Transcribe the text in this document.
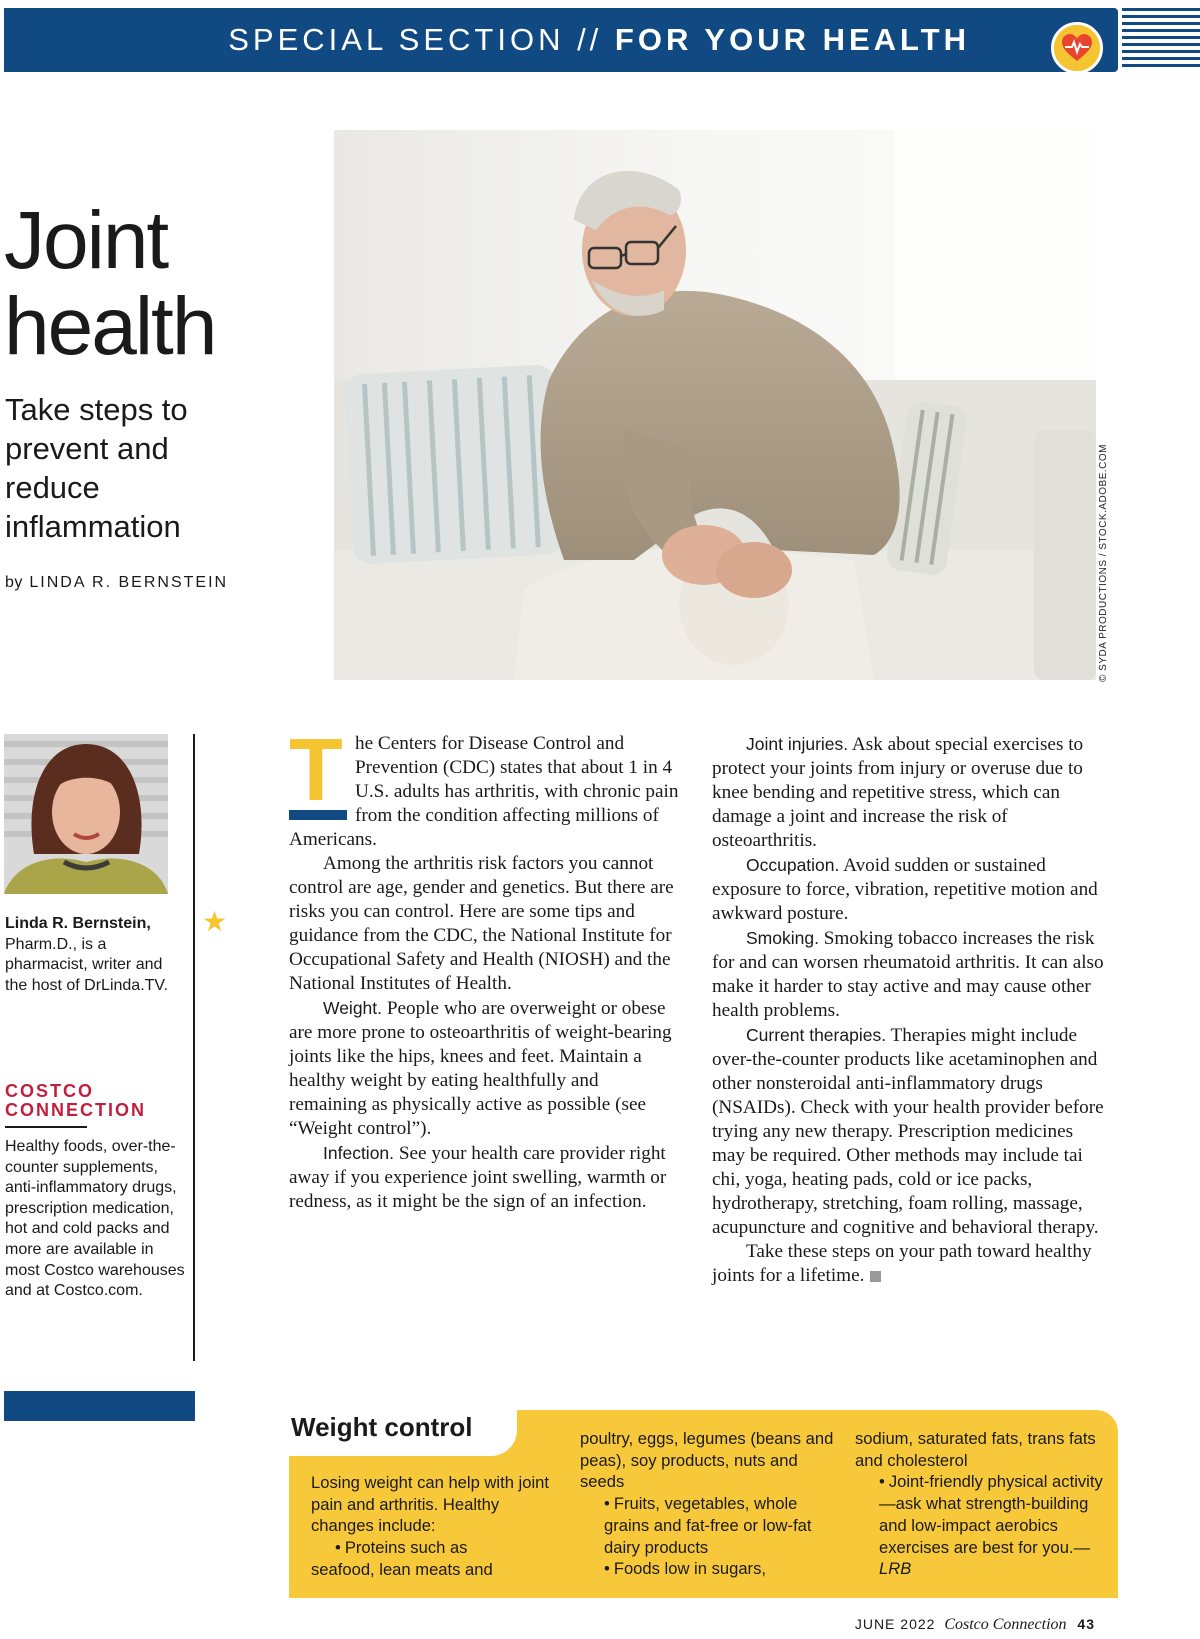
SPECIAL SECTION // FOR YOUR HEALTH
Joint
health
Take steps to prevent and reduce inflammation
by LINDA R. BERNSTEIN	© SYDA PRODUCTIONS / STOCK.ADOBE.COM
★
Linda R. Bernstein,
Pharm.D., is a pharmacist, writer and the host of DrLinda.TV.
COSTCO
CONNECTION
Healthy foods, over-the-counter supplements, anti-inflammatory drugs, prescription medication, hot and cold packs and more are available in most Costco warehouses and at Costco.com.
T he Centers for Disease Control and Prevention (CDC) states that about 1 in 4 U.S. adults has arthritis, with chronic pain from the condition affecting millions of Americans.

Among the arthritis risk factors you cannot control are age, gender and genetics. But there are risks you can control. Here are some tips and guidance from the CDC, the National Institute for Occupational Safety and Health (NIOSH) and the National Institutes of Health.

Weight. People who are overweight or obese are more prone to osteoarthritis of weight-bearing joints like the hips, knees and feet. Maintain a healthy weight by eating healthfully and remaining as physically active as possible (see “Weight control”).

Infection. See your health care provider right away if you experience joint swelling, warmth or redness, as it might be the sign of an infection.

Joint injuries. Ask about special exercises to protect your joints from injury or overuse due to knee bending and repetitive stress, which can damage a joint and increase the risk of osteoarthritis.

Occupation. Avoid sudden or sustained exposure to force, vibration, repetitive motion and awkward posture.

Smoking. Smoking tobacco increases the risk for and can worsen rheumatoid arthritis. It can also make it harder to stay active and may cause other health problems.

Current therapies. Therapies might include over-the-counter products like acetaminophen and other nonsteroidal anti-inflammatory drugs (NSAIDs). Check with your health provider before trying any new therapy. Prescription medicines may be required. Other methods may include tai chi, yoga, heating pads, cold or ice packs, hydrotherapy, stretching, foam rolling, massage, acupuncture and cognitive and behavioral therapy.

Take these steps on your path toward healthy joints for a lifetime.

Weight control

Losing weight can help with joint pain and arthritis. Healthy changes include:

• Proteins such as

seafood, lean meats and

poultry, eggs, legumes (beans and peas), soy products, nuts and seeds

• Fruits, vegetables, whole grains and fat-free or low-fat dairy products

• Foods low in sugars,

sodium, saturated fats, trans fats and cholesterol

• Joint-friendly physical activity—ask what strength-building and low-impact aerobics exercises are best for you.—LRB

JUNE 2022 Costco Connection 43
